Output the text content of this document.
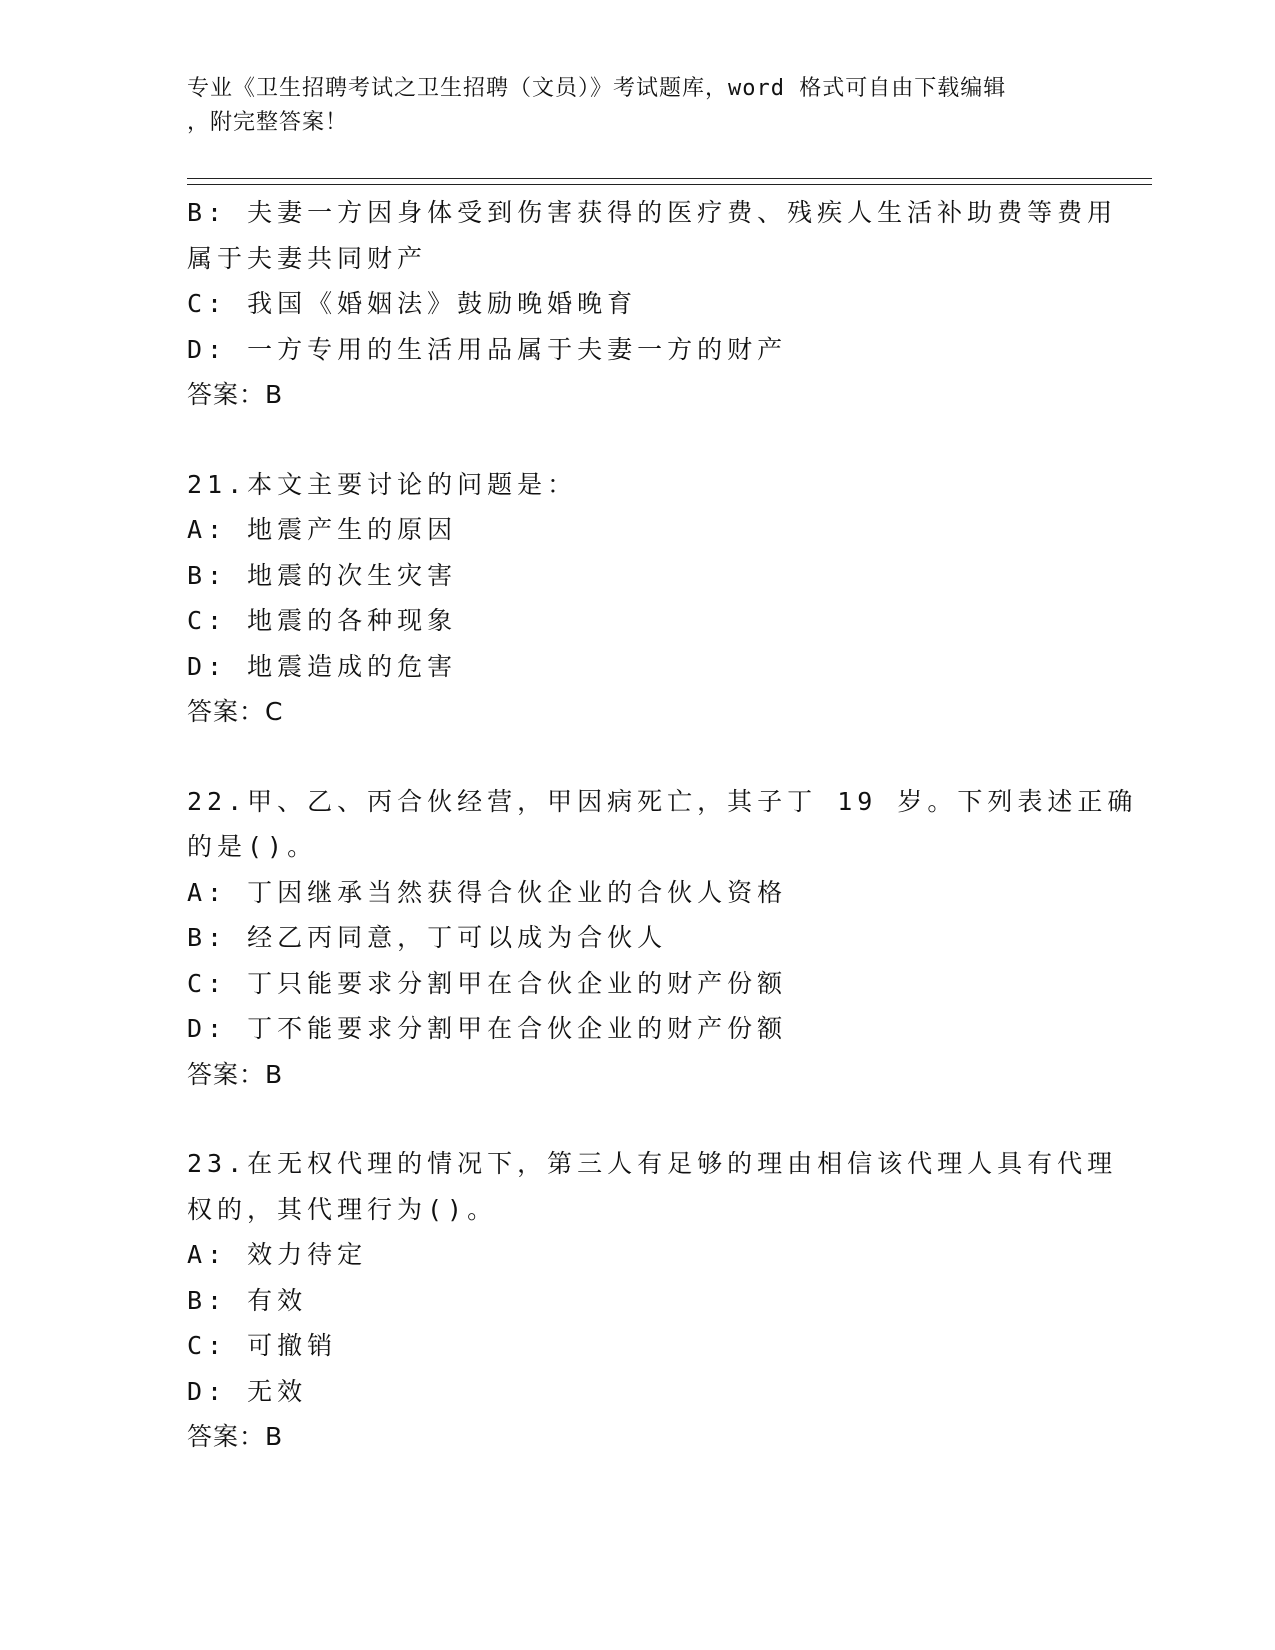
专业《卫生招聘考试之卫生招聘（文员）》考试题库，word 格式可自由下载编辑
，附完整答案！
B: 夫妻一方因身体受到伤害获得的医疗费、残疾人生活补助费等费用
属于夫妻共同财产
C: 我国《婚姻法》鼓励晚婚晚育
D: 一方专用的生活用品属于夫妻一方的财产
答案：B
21.本文主要讨论的问题是：
A: 地震产生的原因
B: 地震的次生灾害
C: 地震的各种现象
D: 地震造成的危害
答案：C
22.甲、乙、丙合伙经营，甲因病死亡，其子丁 19 岁。下列表述正确
的是()。
A: 丁因继承当然获得合伙企业的合伙人资格
B: 经乙丙同意，丁可以成为合伙人
C: 丁只能要求分割甲在合伙企业的财产份额
D: 丁不能要求分割甲在合伙企业的财产份额
答案：B
23.在无权代理的情况下，第三人有足够的理由相信该代理人具有代理
权的，其代理行为()。
A: 效力待定
B: 有效
C: 可撤销
D: 无效
答案：B
